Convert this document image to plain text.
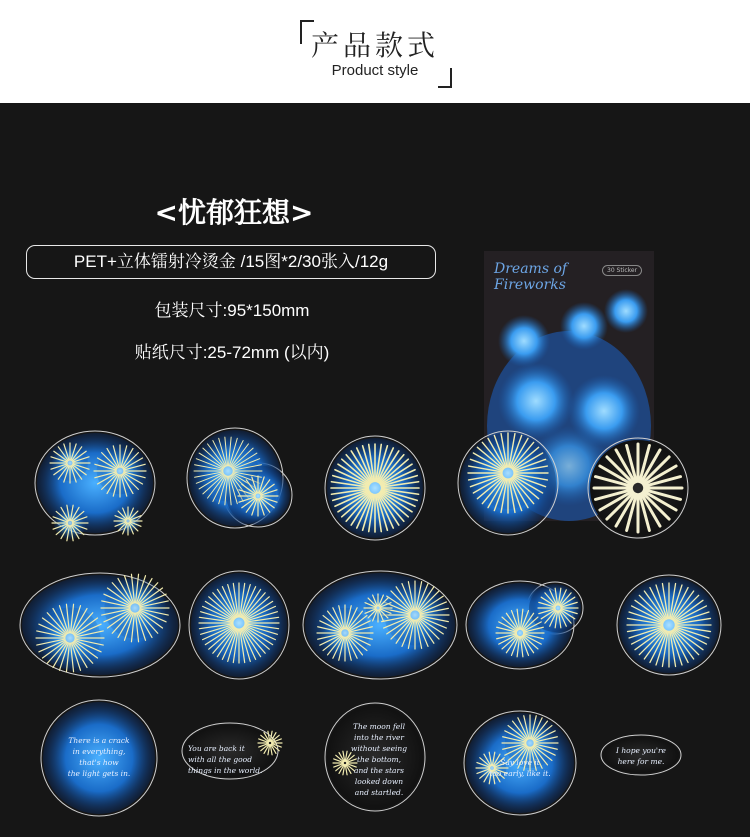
产品款式
Product style
<忧郁狂想>
PET+立体镭射冷烫金 /15图*2/30张入/12g
包装尺寸:95*150mm
贴纸尺寸:25-72mm (以内)
Dreams of
Fireworks
30 Sticker
There is a crack
in everything,
that's how
the light gets in.
You are back it
with all the good
things in the world.
The moon fell
into the river
without seeing
the bottom,
and the stars
looked down
and startled.
Say love it
too early, like it.
I hope you're
here for me.
